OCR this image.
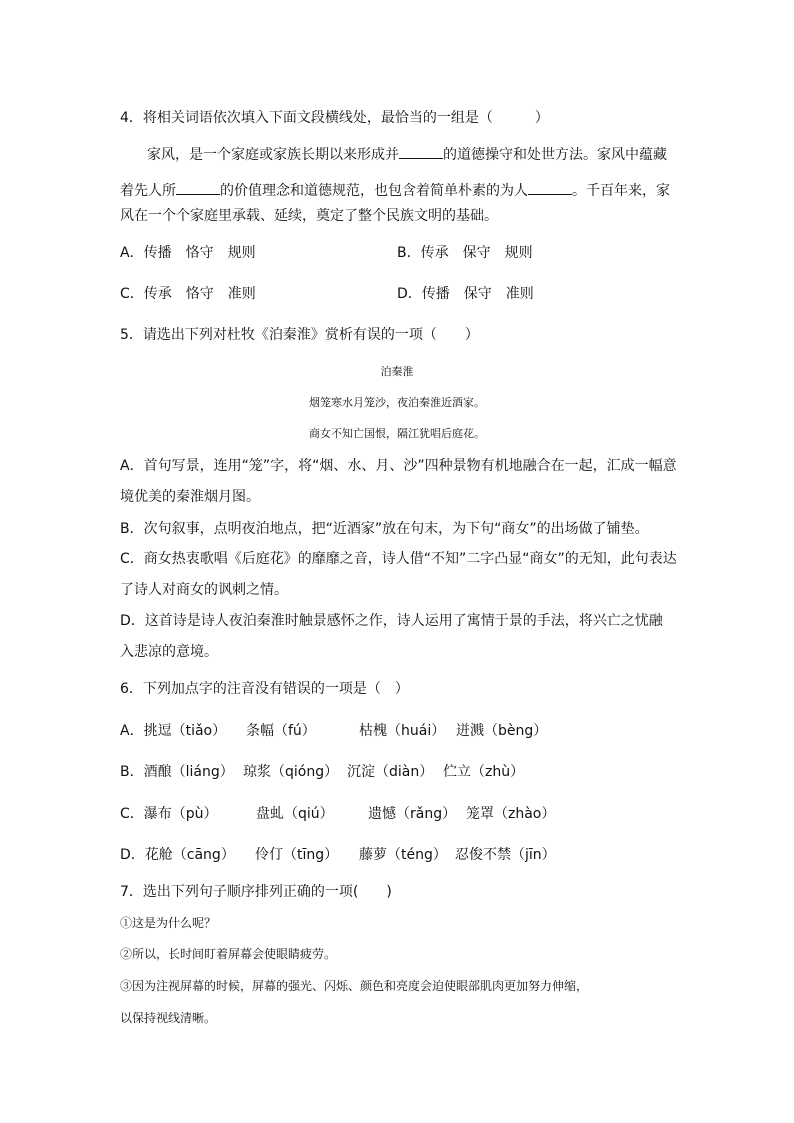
4．将相关词语依次填入下面文段横线处，最恰当的一组是（　　　）
家风，是一个家庭或家族长期以来形成并	的道德操守和处世方法。家风中蕴藏
着先人所	的价值理念和道德规范，也包含着简单朴素的为人	。千百年来，家
风在一个个家庭里承载、延续，奠定了整个民族文明的基础。
A．传播　恪守　规则	B．传承　保守　规则
C．传承　恪守　准则	D．传播　保守　准则
5．请选出下列对杜牧《泊秦淮》赏析有误的一项（　　）
泊秦淮
烟笼寒水月笼沙，夜泊秦淮近酒家。
商女不知亡国恨，隔江犹唱后庭花。
A．首句写景，连用“笼”字，将“烟、水、月、沙”四种景物有机地融合在一起，汇成一幅意
境优美的秦淮烟月图。
B．次句叙事，点明夜泊地点，把“近酒家”放在句末，为下句“商女”的出场做了铺垫。
C．商女热衷歌唱《后庭花》的靡靡之音，诗人借“不知”二字凸显“商女”的无知，此句表达
了诗人对商女的讽刺之情。
D．这首诗是诗人夜泊秦淮时触景感怀之作，诗人运用了寓情于景的手法，将兴亡之忧融
入悲凉的意境。
6．下列加点字的注音没有错误的一项是（　）
A．挑逗（tiǎo） 条幅（fú）	枯槐（huái） 迸溅（bèng）
B．酒酿（liáng） 琼浆（qióng） 沉淀（diàn） 伫立（zhù）
C．瀑布（pù）	盘虬（qiú） 遗憾（rǎng） 笼罩（zhào）
D．花舱（cāng） 伶仃（tīng） 藤萝（téng） 忍俊不禁（jīn）
7．选出下列句子顺序排列正确的一项(　　)
①这是为什么呢？
②所以，长时间盯着屏幕会使眼睛疲劳。
③因为注视屏幕的时候，屏幕的强光、闪烁、颜色和亮度会迫使眼部肌肉更加努力伸缩，
以保持视线清晰。
